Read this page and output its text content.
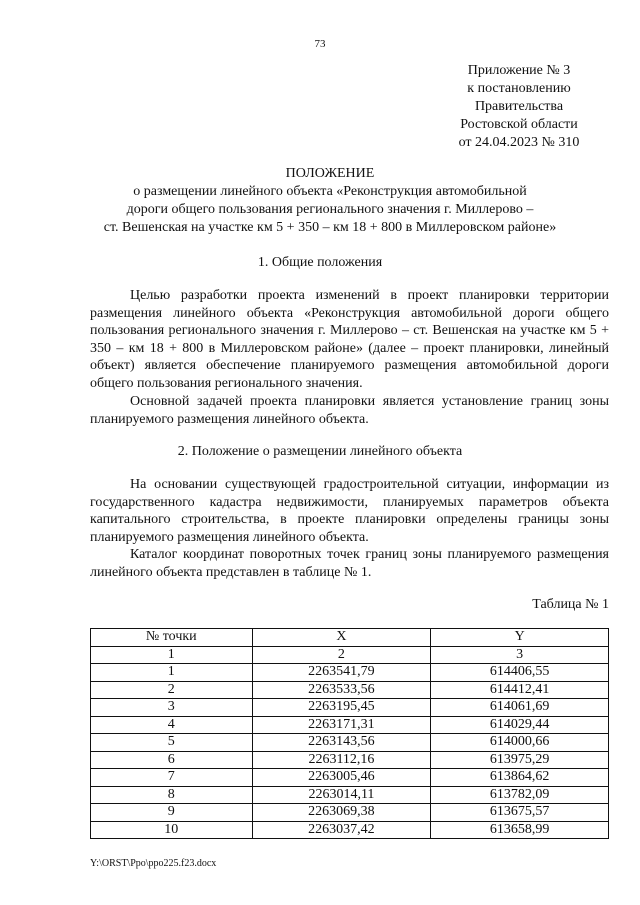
73
Приложение № 3
к постановлению
Правительства
Ростовской области
от 24.04.2023 № 310
ПОЛОЖЕНИЕ
о размещении линейного объекта «Реконструкция автомобильной
дороги общего пользования регионального значения г. Миллерово –
ст. Вешенская на участке км 5 + 350 – км 18 + 800 в Миллеровском районе»
1. Общие положения
Целью разработки проекта изменений в проект планировки территории размещения линейного объекта «Реконструкция автомобильной дороги общего пользования регионального значения г. Миллерово – ст. Вешенская на участке км 5 + 350 – км 18 + 800 в Миллеровском районе» (далее – проект планировки, линейный объект) является обеспечение планируемого размещения автомобильной дороги общего пользования регионального значения.
Основной задачей проекта планировки является установление границ зоны планируемого размещения линейного объекта.
2. Положение о размещении линейного объекта
На основании существующей градостроительной ситуации, информации из государственного кадастра недвижимости, планируемых параметров объекта капитального строительства, в проекте планировки определены границы зоны планируемого размещения линейного объекта.
Каталог координат поворотных точек границ зоны планируемого размещения линейного объекта представлен в таблице № 1.
Таблица № 1
№ точки	X	Y
1	2	3
1	2263541,79	614406,55
2	2263533,56	614412,41
3	2263195,45	614061,69
4	2263171,31	614029,44
5	2263143,56	614000,66
6	2263112,16	613975,29
7	2263005,46	613864,62
8	2263014,11	613782,09
9	2263069,38	613675,57
10	2263037,42	613658,99
Y:\ORST\Ppo\ppo225.f23.docx
